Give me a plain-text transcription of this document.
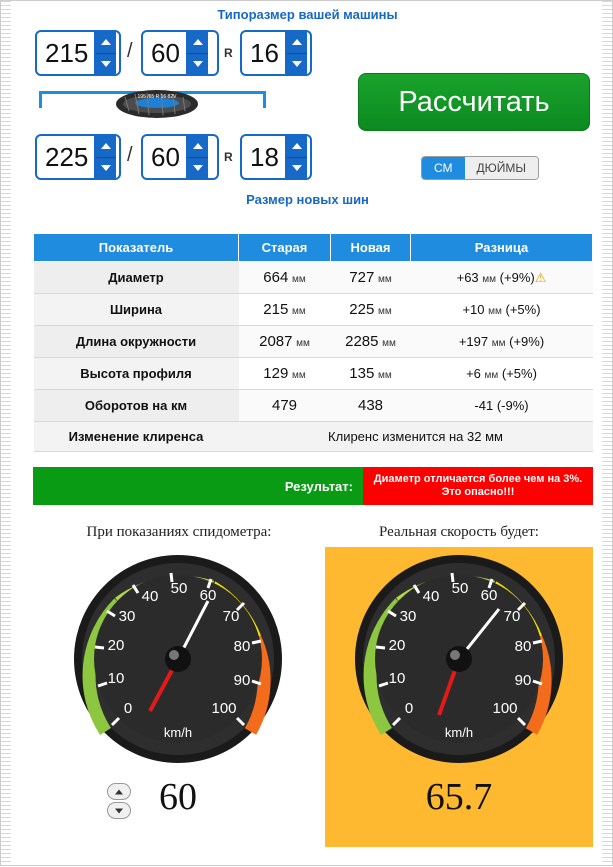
Типоразмер вашей машины
215	/ 60	R 16
195 /65 R 16 82V
225	/ 60	R 18
Размер новых шин
Рассчитать
СМ	ДЮЙМЫ
Показатель	Старая	Новая	Разница
Диаметр	664 мм	727 мм	+63 мм (+9%)⚠
Ширина	215 мм	225 мм	+10 мм (+5%)
Длина окружности	2087 мм	2285 мм	+197 мм (+9%)
Высота профиля	129 мм	135 мм	+6 мм (+5%)
Оборотов на км	479	438	-41 (-9%)
Изменение клиренса	Клиренс изменится на 32 мм		
Результат:	Диаметр отличается более чем на 3%. Это опасно!!!
При показаниях спидометра:	Реальная скорость будет:
0
10
20
30
40 50 60
70
80
90
100
km/h
60
0
10
20
30
40 50 60
70
80
90
100
km/h
65.7
